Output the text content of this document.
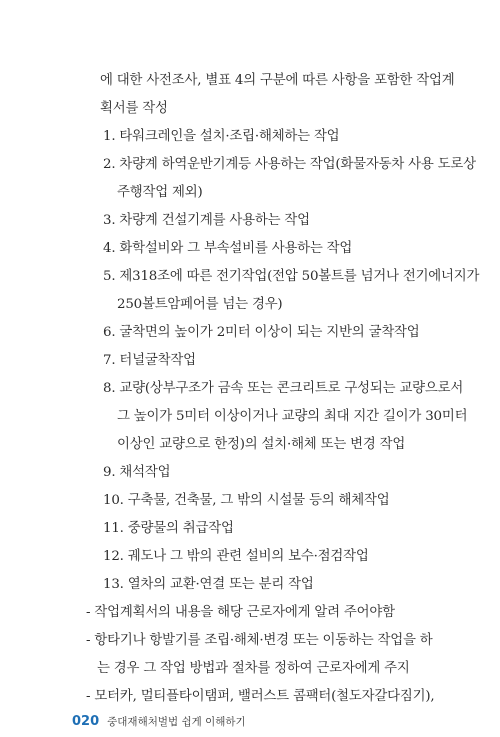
에 대한 사전조사, 별표 4의 구분에 따른 사항을 포함한 작업계
획서를 작성
1. 타워크레인을 설치·조립·해체하는 작업
2. 차량계 하역운반기계등 사용하는 작업(화물자동차 사용 도로상
주행작업 제외)
3. 차량계 건설기계를 사용하는 작업
4. 화학설비와 그 부속설비를 사용하는 작업
5. 제318조에 따른 전기작업(전압 50볼트를 넘거나 전기에너지가
250볼트암페어를 넘는 경우)
6. 굴착면의 높이가 2미터 이상이 되는 지반의 굴착작업
7. 터널굴착작업
8. 교량(상부구조가 금속 또는 콘크리트로 구성되는 교량으로서
그 높이가 5미터 이상이거나 교량의 최대 지간 길이가 30미터
이상인 교량으로 한정)의 설치·해체 또는 변경 작업
9. 채석작업
10. 구축물, 건축물, 그 밖의 시설물 등의 해체작업
11. 중량물의 취급작업
12. 궤도나 그 밖의 관련 설비의 보수·점검작업
13. 열차의 교환·연결 또는 분리 작업
- 작업계획서의 내용을 해당 근로자에게 알려 주어야함
- 항타기나 항발기를 조립·해체·변경 또는 이동하는 작업을 하
는 경우 그 작업 방법과 절차를 정하여 근로자에게 주지
- 모터카, 멀티플타이탬퍼, 밸러스트 콤팩터(철도자갈다짐기),
020 중대재해처벌법 쉽게 이해하기
